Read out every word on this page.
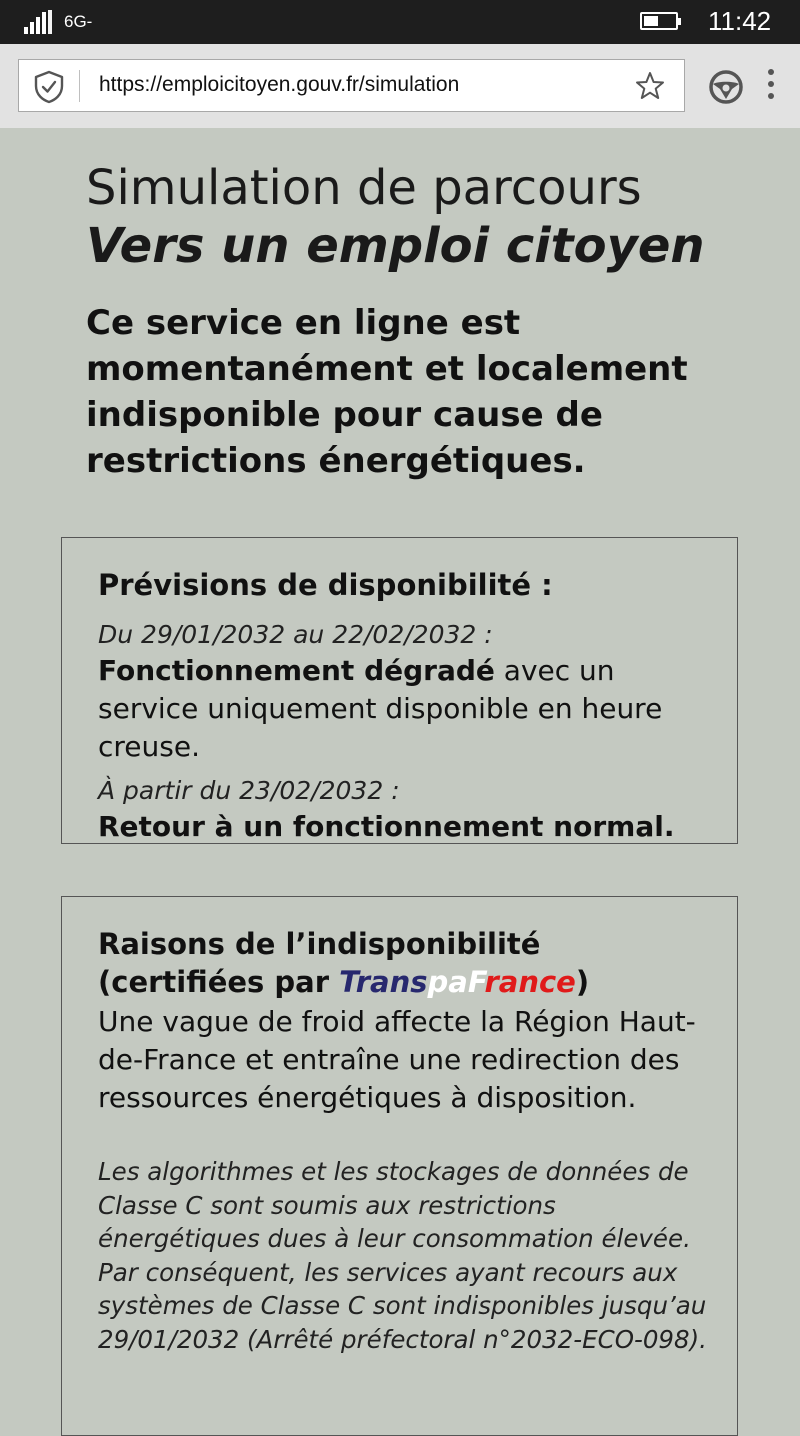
6G-	11:42
https://emploicitoyen.gouv.fr/simulation
Simulation de parcours
Vers un emploi citoyen

Ce service en ligne est momentanément et localement indisponible pour cause de restrictions énergétiques.

Prévisions de disponibilité :
Du 29/01/2032 au 22/02/2032 :
Fonctionnement dégradé avec un service uniquement disponible en heure creuse.
À partir du 23/02/2032 :
Retour à un fonctionnement normal.
Raisons de l’indisponibilité
(certifiées par TranspaFrance)
Une vague de froid affecte la Région Haut-de-France et entraîne une redirection des ressources énergétiques à disposition.
Les algorithmes et les stockages de données de Classe C sont soumis aux restrictions énergétiques dues à leur consommation élevée. Par conséquent, les services ayant recours aux systèmes de Classe C sont indisponibles jusqu’au 29/01/2032 (Arrêté préfectoral n°2032-ECO-098).
